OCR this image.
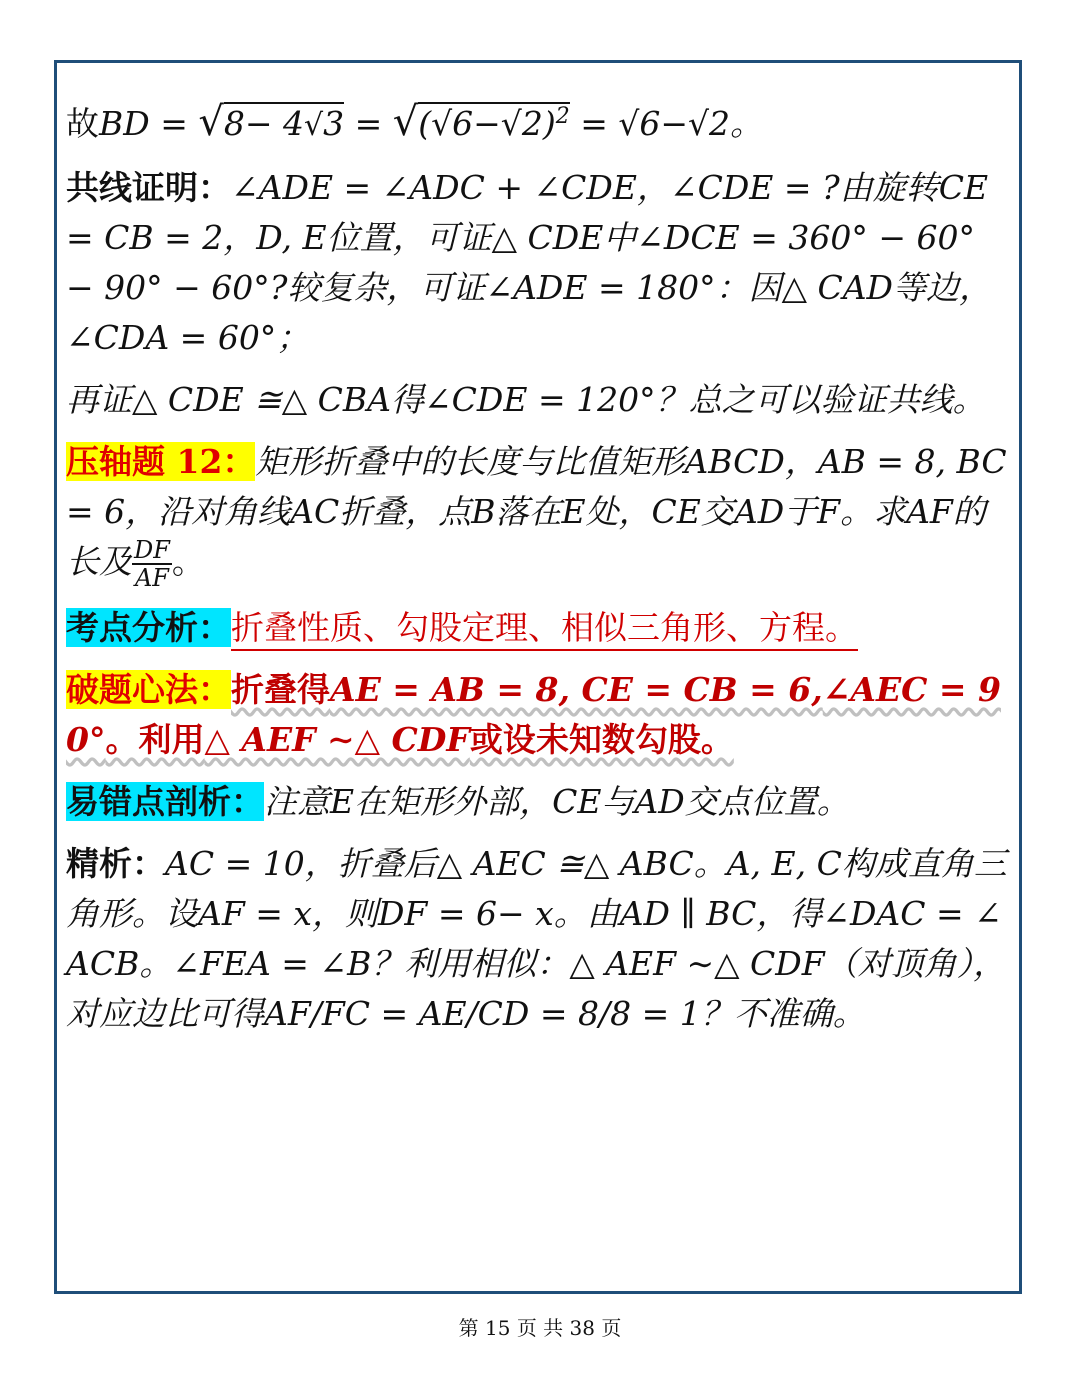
故BD = $√8- 4√3 = √(√6-√2)^2 = √6-√2$。

共线证明：∠ADE = ∠ADC + ∠CDE，∠CDE = ?由旋转CE = CB = 2，D, E位置，可证△ CDE中∠DCE = 360° − 60° − 90° − 60°?较复杂，可证∠ADE = 180°：因△ CAD等边，∠CDA = 60°；

再证△ CDE ≅△ CBA得∠CDE = 120°？总之可以验证共线。

压轴题 12：矩形折叠中的长度与比值矩形ABCD，AB = 8, BC = 6，沿对角线AC折叠，点B落在E处，CE交AD于F。求AF的长及 $\frac{DF}{AF}$ 。

考点分析：折叠性质、勾股定理、相似三角形、方程。

破题心法：折叠得AE = AB = 8, CE = CB = 6,∠AEC = 90°。利用△ AEF ∼△ CDF或设未知数勾股。

易错点剖析：注意E在矩形外部，CE与AD交点位置。

精析：AC = 10，折叠后△ AEC ≅△ ABC。A, E, C构成直角三角形。设AF = x，则DF = 6− x。由AD ∥ BC，得∠DAC = ∠ACB。∠FEA = ∠B？利用相似：△ AEF ∼△ CDF（对顶角），对应边比可得AF/FC = AE/CD = 8/8 = 1？不准确。

第 15 页 共 38 页
